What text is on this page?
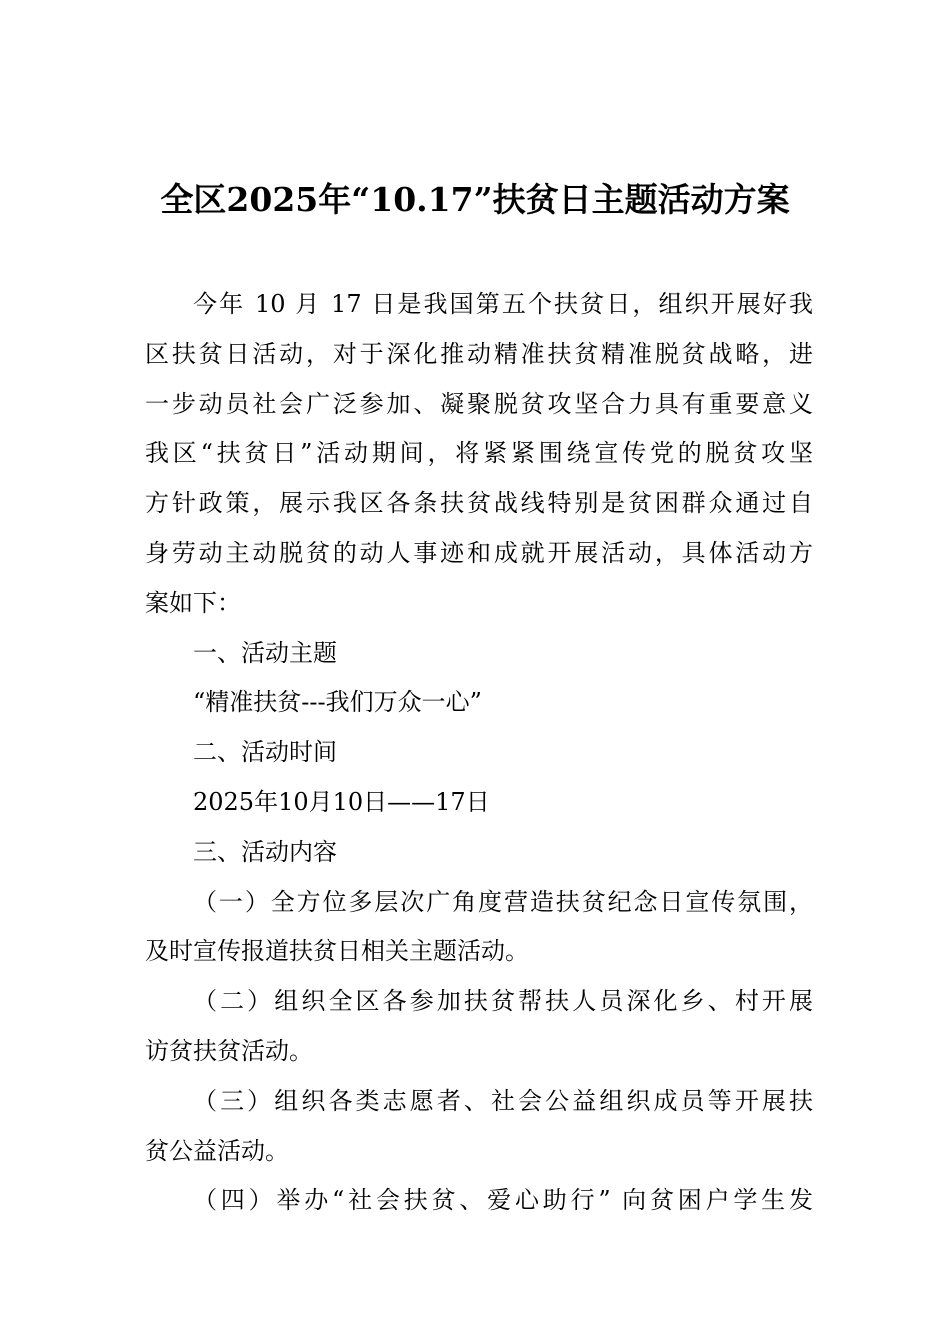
全区2025年“10.17”扶贫日主题活动方案

今年 10 月 17 日是我国第五个扶贫日，组织开展好我
区扶贫日活动，对于深化推动精准扶贫精准脱贫战略，进
一步动员社会广泛参加、凝聚脱贫攻坚合力具有重要意义
我区“扶贫日”活动期间，将紧紧围绕宣传党的脱贫攻坚
方针政策，展示我区各条扶贫战线特别是贫困群众通过自
身劳动主动脱贫的动人事迹和成就开展活动，具体活动方
案如下：

一、活动主题

“精准扶贫---我们万众一心”

二、活动时间

2025年10月10日——17日

三、活动内容

（一）全方位多层次广角度营造扶贫纪念日宣传氛围，
及时宣传报道扶贫日相关主题活动。

（二）组织全区各参加扶贫帮扶人员深化乡、村开展
访贫扶贫活动。

（三）组织各类志愿者、社会公益组织成员等开展扶
贫公益活动。

（四）举办“社会扶贫、爱心助行” 向贫困户学生发
